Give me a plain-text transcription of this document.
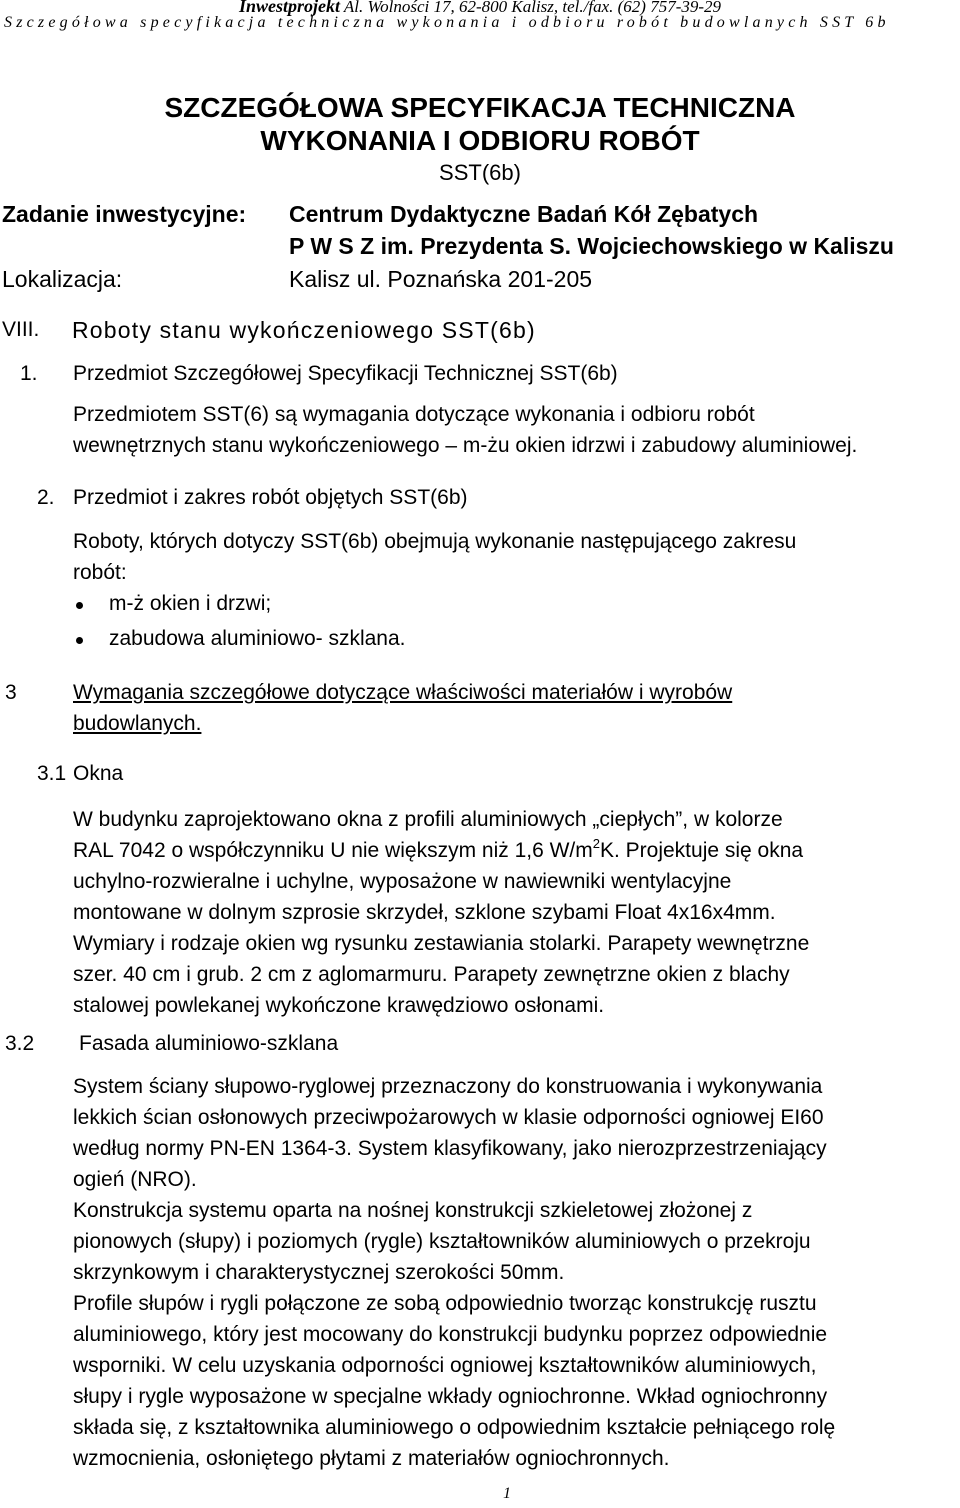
Inwestprojekt Al. Wolności 17, 62-800 Kalisz, tel./fax. (62) 757-39-29
Szczegółowa specyfikacja techniczna wykonania i odbioru robót budowlanych SST 6b
SZCZEGÓŁOWA SPECYFIKACJA TECHNICZNA
WYKONANIA I ODBIORU ROBÓT
SST(6b)
Zadanie inwestycyjne: Centrum Dydaktyczne Badań Kół Zębatych
P W S Z im. Prezydenta S. Wojciechowskiego w Kaliszu
Lokalizacja:	Kalisz ul. Poznańska 201-205
VIII. Roboty stanu wykończeniowego SST(6b)
1. Przedmiot Szczegółowej Specyfikacji Technicznej SST(6b)
Przedmiotem SST(6) są wymagania dotyczące wykonania i odbioru robót
wewnętrznych stanu wykończeniowego – m-żu okien idrzwi i zabudowy aluminiowej.
2. Przedmiot i zakres robót objętych SST(6b)
Roboty, których dotyczy SST(6b) obejmują wykonanie następującego zakresu
robót:
m-ż okien i drzwi;
zabudowa aluminiowo- szklana.
3	Wymagania szczegółowe dotyczące właściwości materiałów i wyrobów
budowlanych.
3.1 Okna
W budynku zaprojektowano okna z profili aluminiowych „ciepłych”, w kolorze
RAL 7042 o współczynniku U nie większym niż 1,6 $W/m^2K$. Projektuje się okna
uchylno-rozwieralne i uchylne, wyposażone w nawiewniki wentylacyjne
montowane w dolnym szprosie skrzydeł, szklone szybami Float 4x16x4mm.
Wymiary i rodzaje okien wg rysunku zestawiania stolarki. Parapety wewnętrzne
szer. 40 cm i grub. 2 cm z aglomarmuru. Parapety zewnętrzne okien z blachy
stalowej powlekanej wykończone krawędziowo osłonami.
3.2 Fasada aluminiowo-szklana
System ściany słupowo-ryglowej przeznaczony do konstruowania i wykonywania
lekkich ścian osłonowych przeciwpożarowych w klasie odporności ogniowej EI60
według normy PN-EN 1364-3. System klasyfikowany, jako nierozprzestrzeniający
ogień (NRO).
Konstrukcja systemu oparta na nośnej konstrukcji szkieletowej złożonej z
pionowych (słupy) i poziomych (rygle) kształtowników aluminiowych o przekroju
skrzynkowym i charakterystycznej szerokości 50mm.
Profile słupów i rygli połączone ze sobą odpowiednio tworząc konstrukcję rusztu
aluminiowego, który jest mocowany do konstrukcji budynku poprzez odpowiednie
wsporniki. W celu uzyskania odporności ogniowej kształtowników aluminiowych,
słupy i rygle wyposażone w specjalne wkłady ogniochronne. Wkład ogniochronny
składa się, z kształtownika aluminiowego o odpowiednim kształcie pełniącego rolę
wzmocnienia, osłoniętego płytami z materiałów ogniochronnych.
1
